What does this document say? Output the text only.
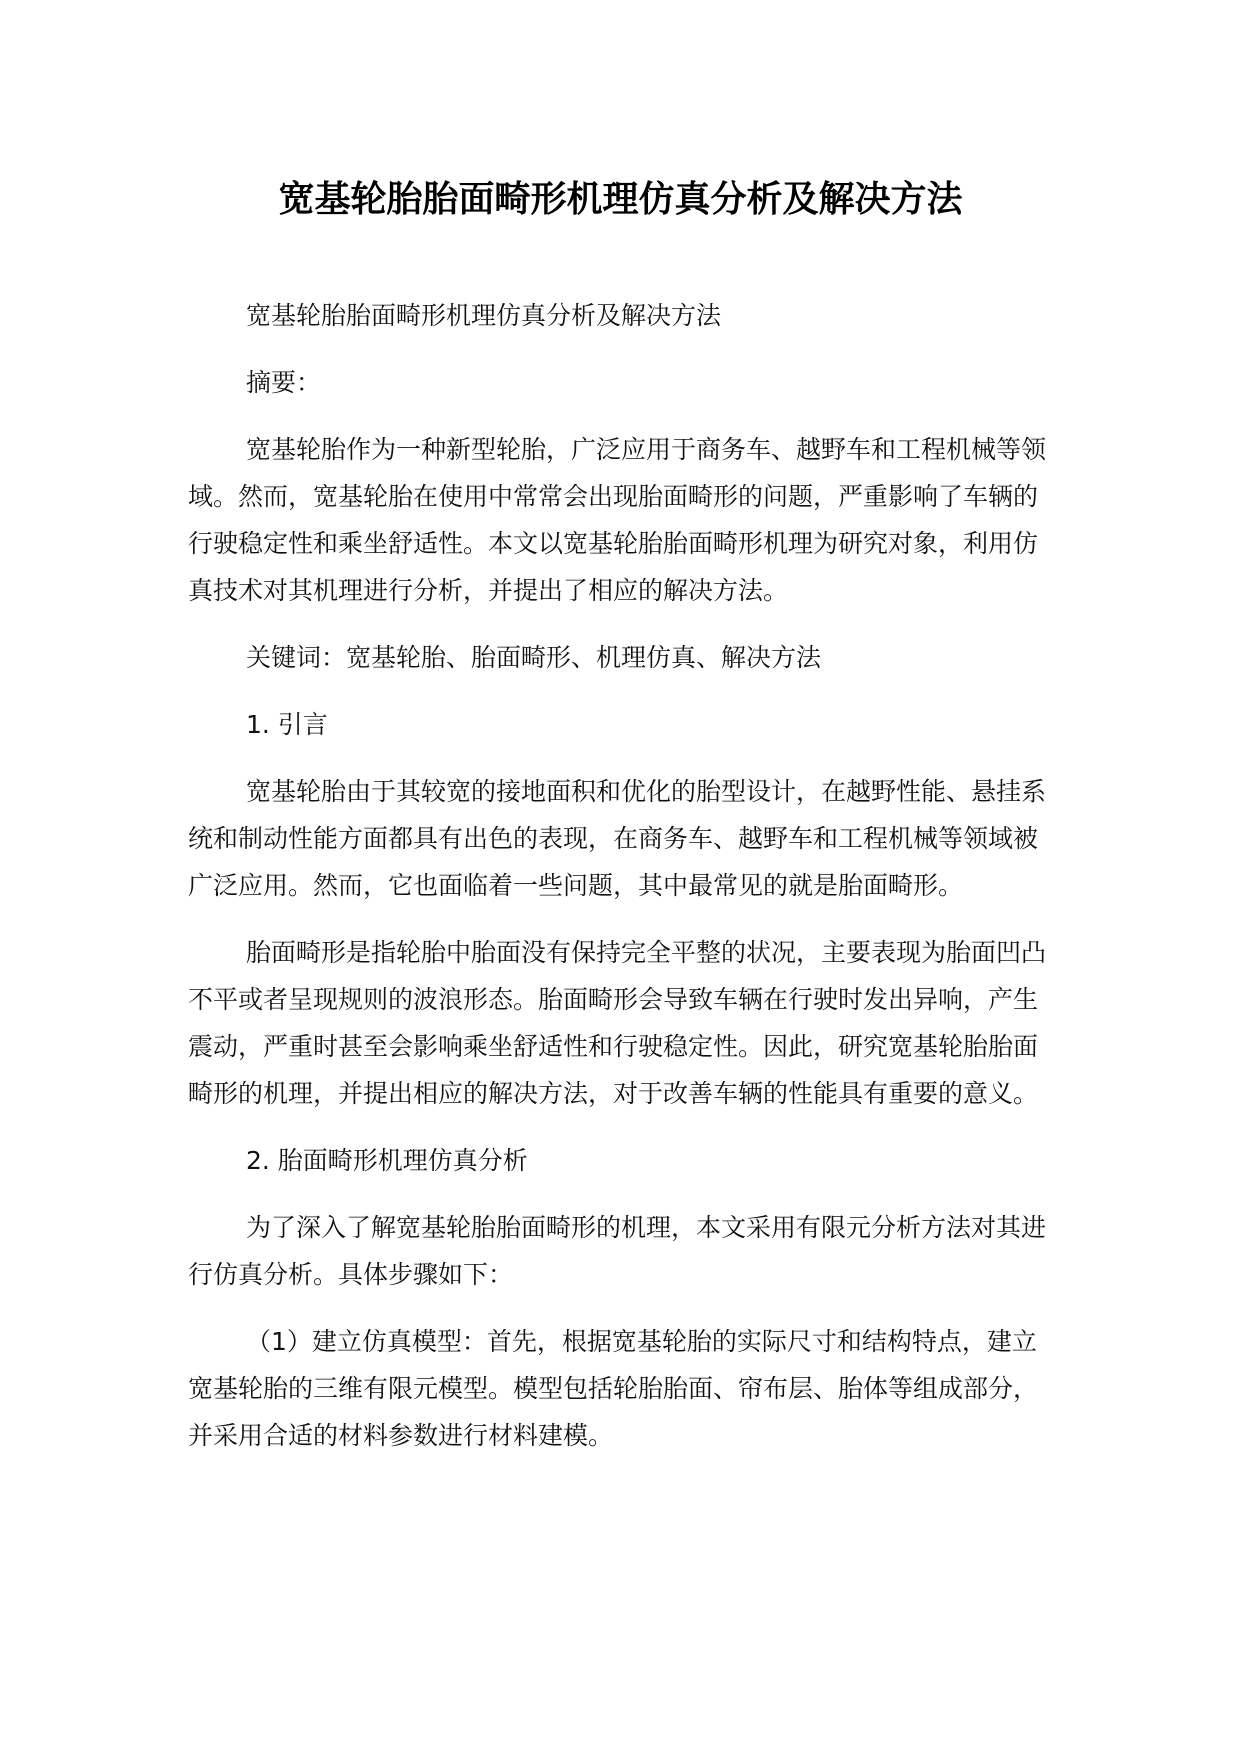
宽基轮胎胎面畸形机理仿真分析及解决方法

宽基轮胎胎面畸形机理仿真分析及解决方法

摘要：

宽基轮胎作为一种新型轮胎，广泛应用于商务车、越野车和工程机械等领域。然而，宽基轮胎在使用中常常会出现胎面畸形的问题，严重影响了车辆的行驶稳定性和乘坐舒适性。本文以宽基轮胎胎面畸形机理为研究对象，利用仿真技术对其机理进行分析，并提出了相应的解决方法。

关键词：宽基轮胎、胎面畸形、机理仿真、解决方法

1. 引言

宽基轮胎由于其较宽的接地面积和优化的胎型设计，在越野性能、悬挂系统和制动性能方面都具有出色的表现，在商务车、越野车和工程机械等领域被广泛应用。然而，它也面临着一些问题，其中最常见的就是胎面畸形。

胎面畸形是指轮胎中胎面没有保持完全平整的状况，主要表现为胎面凹凸不平或者呈现规则的波浪形态。胎面畸形会导致车辆在行驶时发出异响，产生震动，严重时甚至会影响乘坐舒适性和行驶稳定性。因此，研究宽基轮胎胎面畸形的机理，并提出相应的解决方法，对于改善车辆的性能具有重要的意义。

2. 胎面畸形机理仿真分析

为了深入了解宽基轮胎胎面畸形的机理，本文采用有限元分析方法对其进行仿真分析。具体步骤如下：

（1）建立仿真模型：首先，根据宽基轮胎的实际尺寸和结构特点，建立宽基轮胎的三维有限元模型。模型包括轮胎胎面、帘布层、胎体等组成部分，并采用合适的材料参数进行材料建模。
